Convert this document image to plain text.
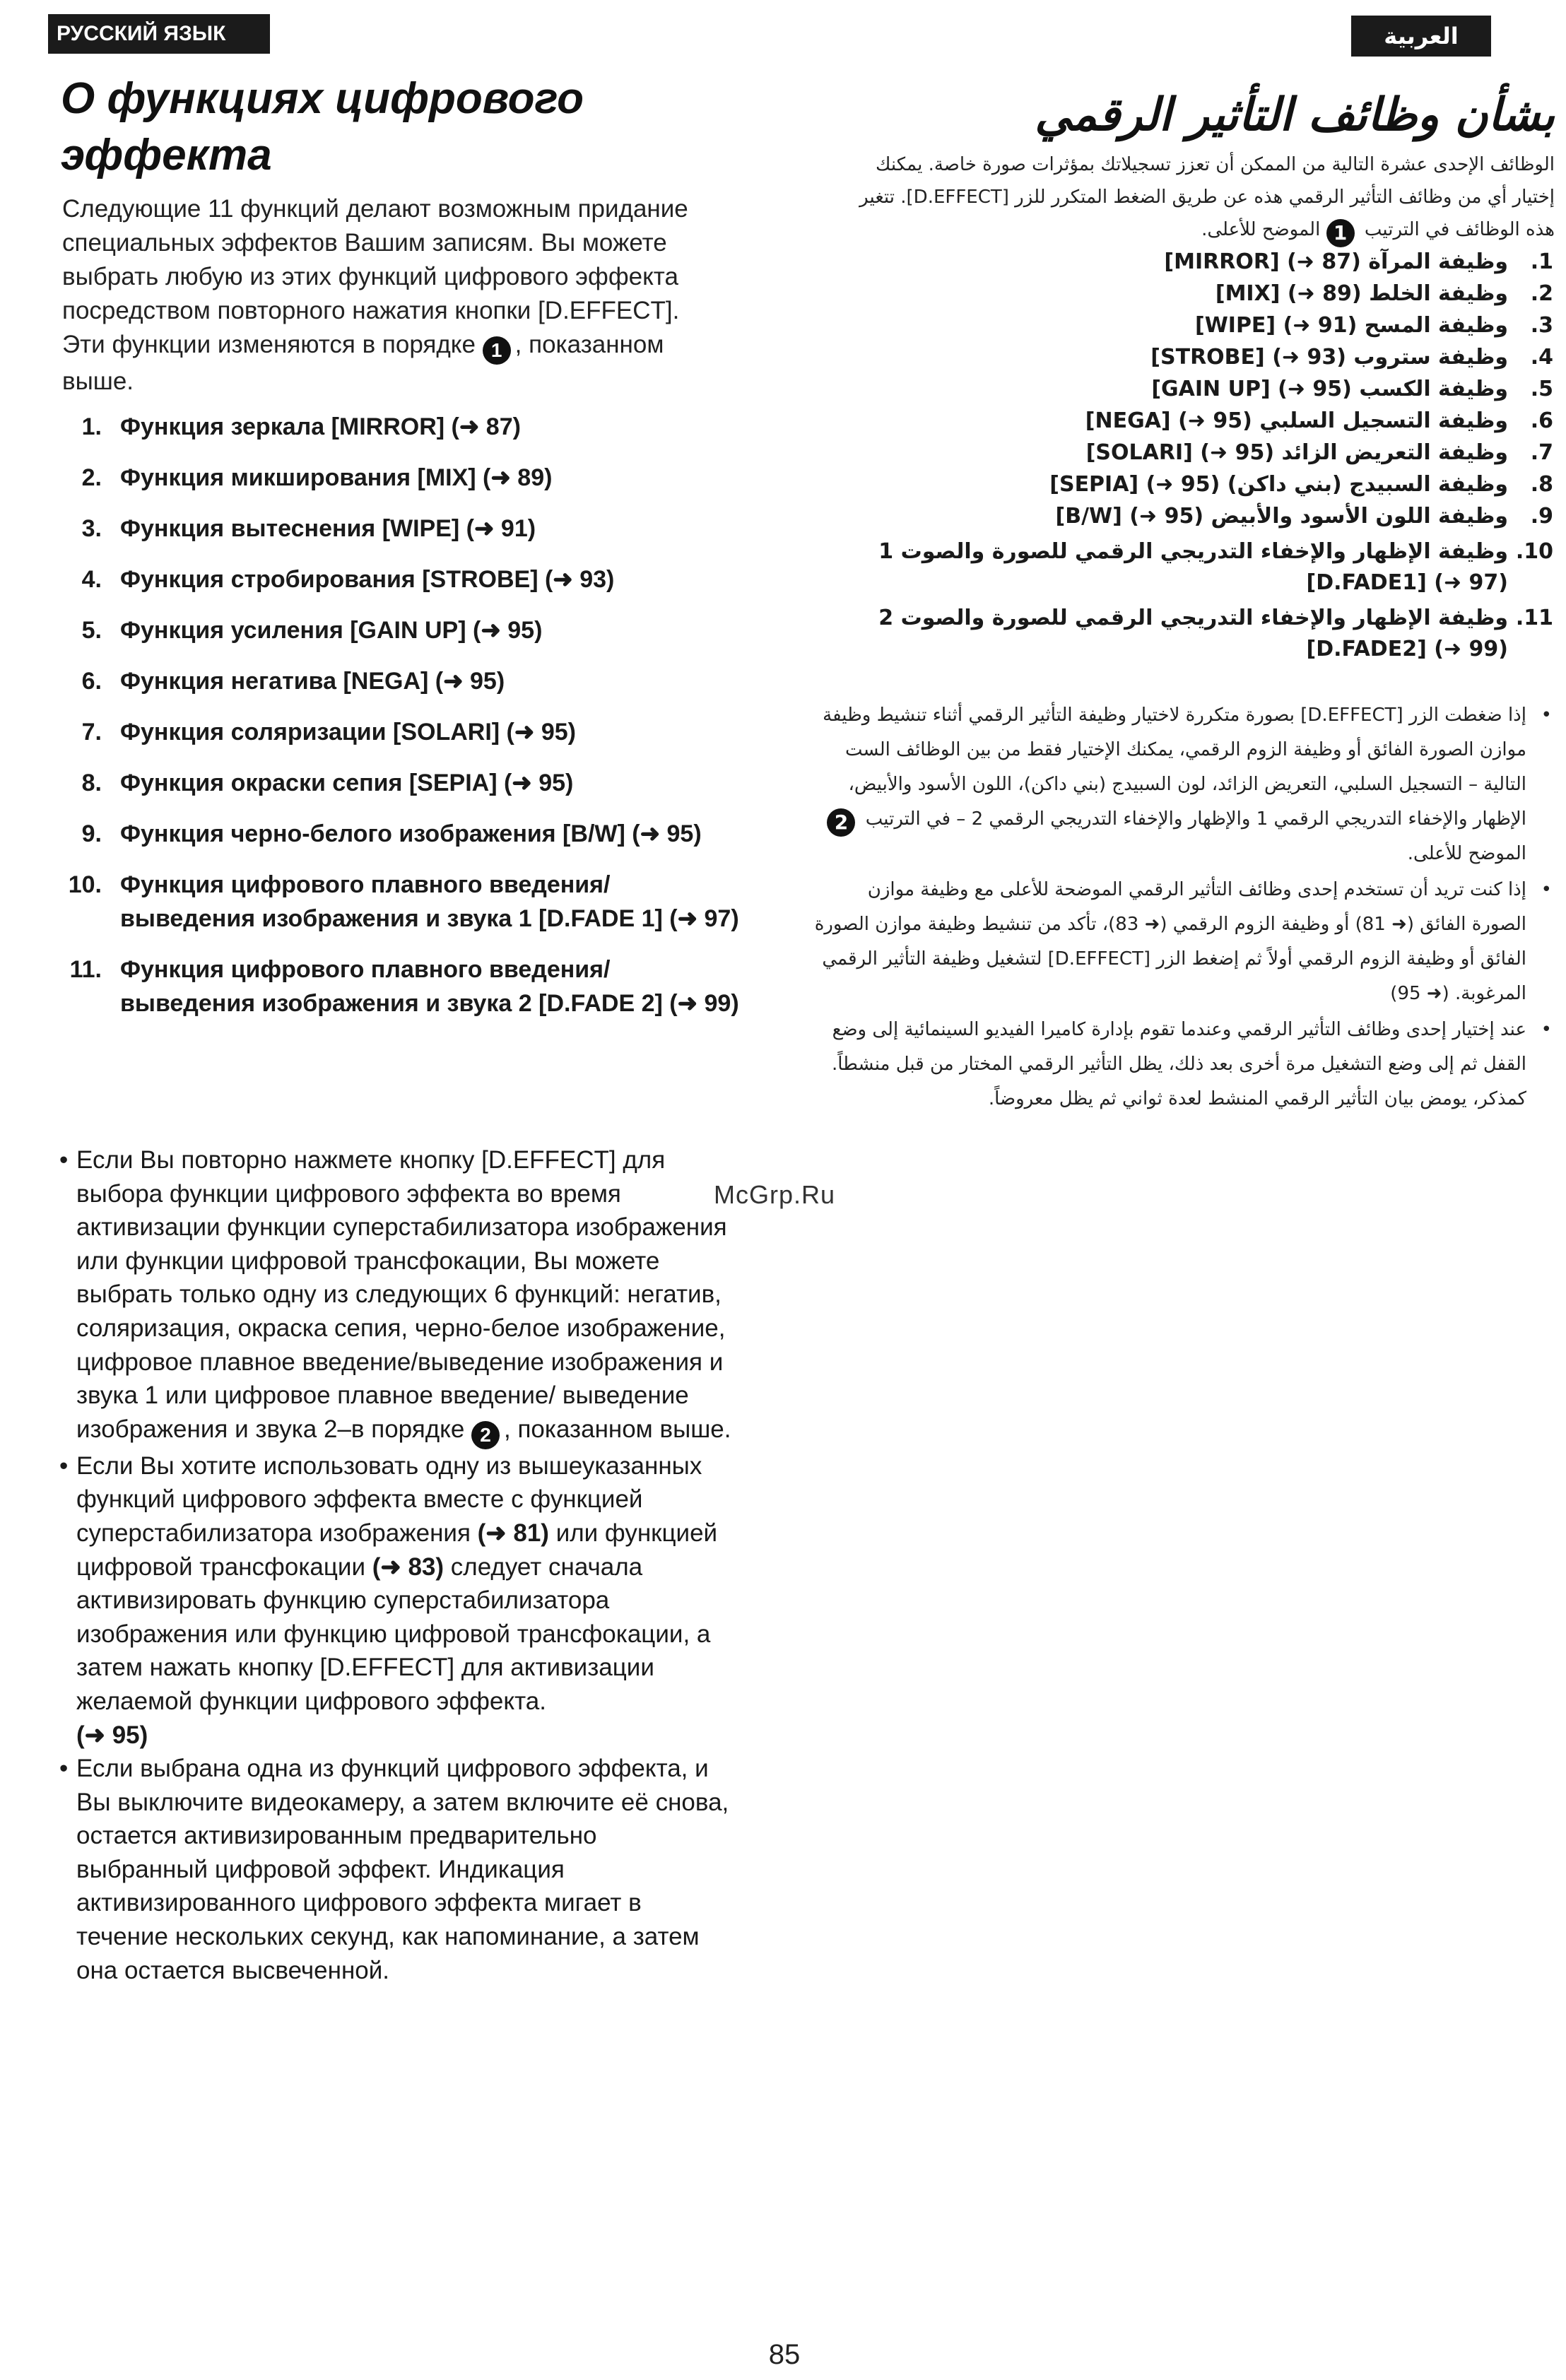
РУССКИЙ ЯЗЫК	العربية
О функциях цифрового
эффекта
بشأن وظائف التأثير الرقمي
Следующие 11 функций делают возможным придание специальных эффектов Вашим записям. Вы можете выбрать любую из этих функций цифрового эффекта посредством повторного нажатия кнопки [D.EFFECT]. Эти функции изменяются в порядке 1 , показанном выше.
1. Функция зеркала [MIRROR] (➜ 87)
2. Функция микширования [MIX] (➜ 89)
3. Функция вытеснения [WIPE] (➜ 91)
4. Функция стробирования [STROBE] (➜ 93)
5. Функция усиления [GAIN UP] (➜ 95)
6. Функция негатива [NEGA] (➜ 95)
7. Функция соляризации [SOLARI] (➜ 95)
8. Функция окраски сепия [SEPIA] (➜ 95)
9. Функция черно-белого изображения [B/W] (➜ 95)
10. Функция цифрового плавного введения/ выведения изображения и звука 1 [D.FADE 1] (➜ 97)
11. Функция цифрового плавного введения/ выведения изображения и звука 2 [D.FADE 2] (➜ 99)
• Если Вы повторно нажмете кнопку [D.EFFECT] для выбора функции цифрового эффекта во время активизации функции суперстабилизатора изображения или функции цифровой трансфокации, Вы можете выбрать только одну из следующих 6 функций: негатив, соляризация, окраска сепия, черно-белое изображение, цифровое плавное введение/выведение изображения и звука 1 или цифровое плавное введение/ выведение изображения и звука 2–в порядке 2 , показанном выше.
• Если Вы хотите использовать одну из вышеуказанных функций цифрового эффекта вместе с функцией суперстабилизатора изображения (➜ 81) или функцией цифровой трансфокации (➜ 83) следует сначала активизировать функцию суперстабилизатора изображения или функцию цифровой трансфокации, а затем нажать кнопку [D.EFFECT] для активизации желаемой функции цифрового эффекта.
(➜ 95)
• Если выбрана одна из функций цифрового эффекта, и Вы выключите видеокамеру, а затем включите её снова, остается активизированным предварительно выбранный цифровой эффект. Индикация активизированного цифрового эффекта мигает в течение нескольких секунд, как напоминание, а затем она остается высвеченной.
الوظائف الإحدى عشرة التالية من الممكن أن تعزز تسجيلاتك بمؤثرات صورة خاصة. يمكنك إختيار أي من وظائف التأثير الرقمي هذه عن طريق الضغط المتكرر للزر [D.EFFECT]. تتغير هذه الوظائف في الترتيب 1 الموضح للأعلى.
.1
وظيفة المرآة [MIRROR] (➜ 87)
.2
وظيفة الخلط [MIX] (➜ 89)
.3
وظيفة المسح [WIPE] (➜ 91)
.4
وظيفة ستروب [STROBE] (➜ 93)
.5
وظيفة الكسب [GAIN UP] (➜ 95)
.6
وظيفة التسجيل السلبي [NEGA] (➜ 95)
.7
وظيفة التعريض الزائد [SOLARI] (➜ 95)
.8
وظيفة السبيدج (بني داكن) [SEPIA] (➜ 95)
.9
وظيفة اللون الأسود والأبيض [B/W] (➜ 95)
.10
وظيفة الإظهار والإخفاء التدريجي الرقمي للصورة والصوت 1
[D.FADE1] (➜ 97)
.11
وظيفة الإظهار والإخفاء التدريجي الرقمي للصورة والصوت 2
[D.FADE2] (➜ 99)
•
إذا ضغطت الزر [D.EFFECT] بصورة متكررة لاختيار وظيفة التأثير الرقمي أثناء تنشيط وظيفة موازن الصورة الفائق أو وظيفة الزوم الرقمي، يمكنك الإختيار فقط من بين الوظائف الست التالية – التسجيل السلبي، التعريض الزائد، لون السبيدج (بني داكن)، اللون الأسود والأبيض، الإظهار والإخفاء التدريجي الرقمي 1 والإظهار والإخفاء التدريجي الرقمي 2 – في الترتيب 2 الموضح للأعلى.
•
إذا كنت تريد أن تستخدم إحدى وظائف التأثير الرقمي الموضحة للأعلى مع وظيفة موازن الصورة الفائق (➜ 81) أو وظيفة الزوم الرقمي (➜ 83)، تأكد من تنشيط وظيفة موازن الصورة الفائق أو وظيفة الزوم الرقمي أولاً ثم إضغط الزر [D.EFFECT] لتشغيل وظيفة التأثير الرقمي المرغوبة. (➜ 95)
•
عند إختيار إحدى وظائف التأثير الرقمي وعندما تقوم بإدارة كاميرا الفيديو السينمائية إلى وضع القفل ثم إلى وضع التشغيل مرة أخرى بعد ذلك، يظل التأثير الرقمي المختار من قبل منشطاً. كمذكر، يومض بيان التأثير الرقمي المنشط لعدة ثواني ثم يظل معروضاً.
McGrp.Ru
85
